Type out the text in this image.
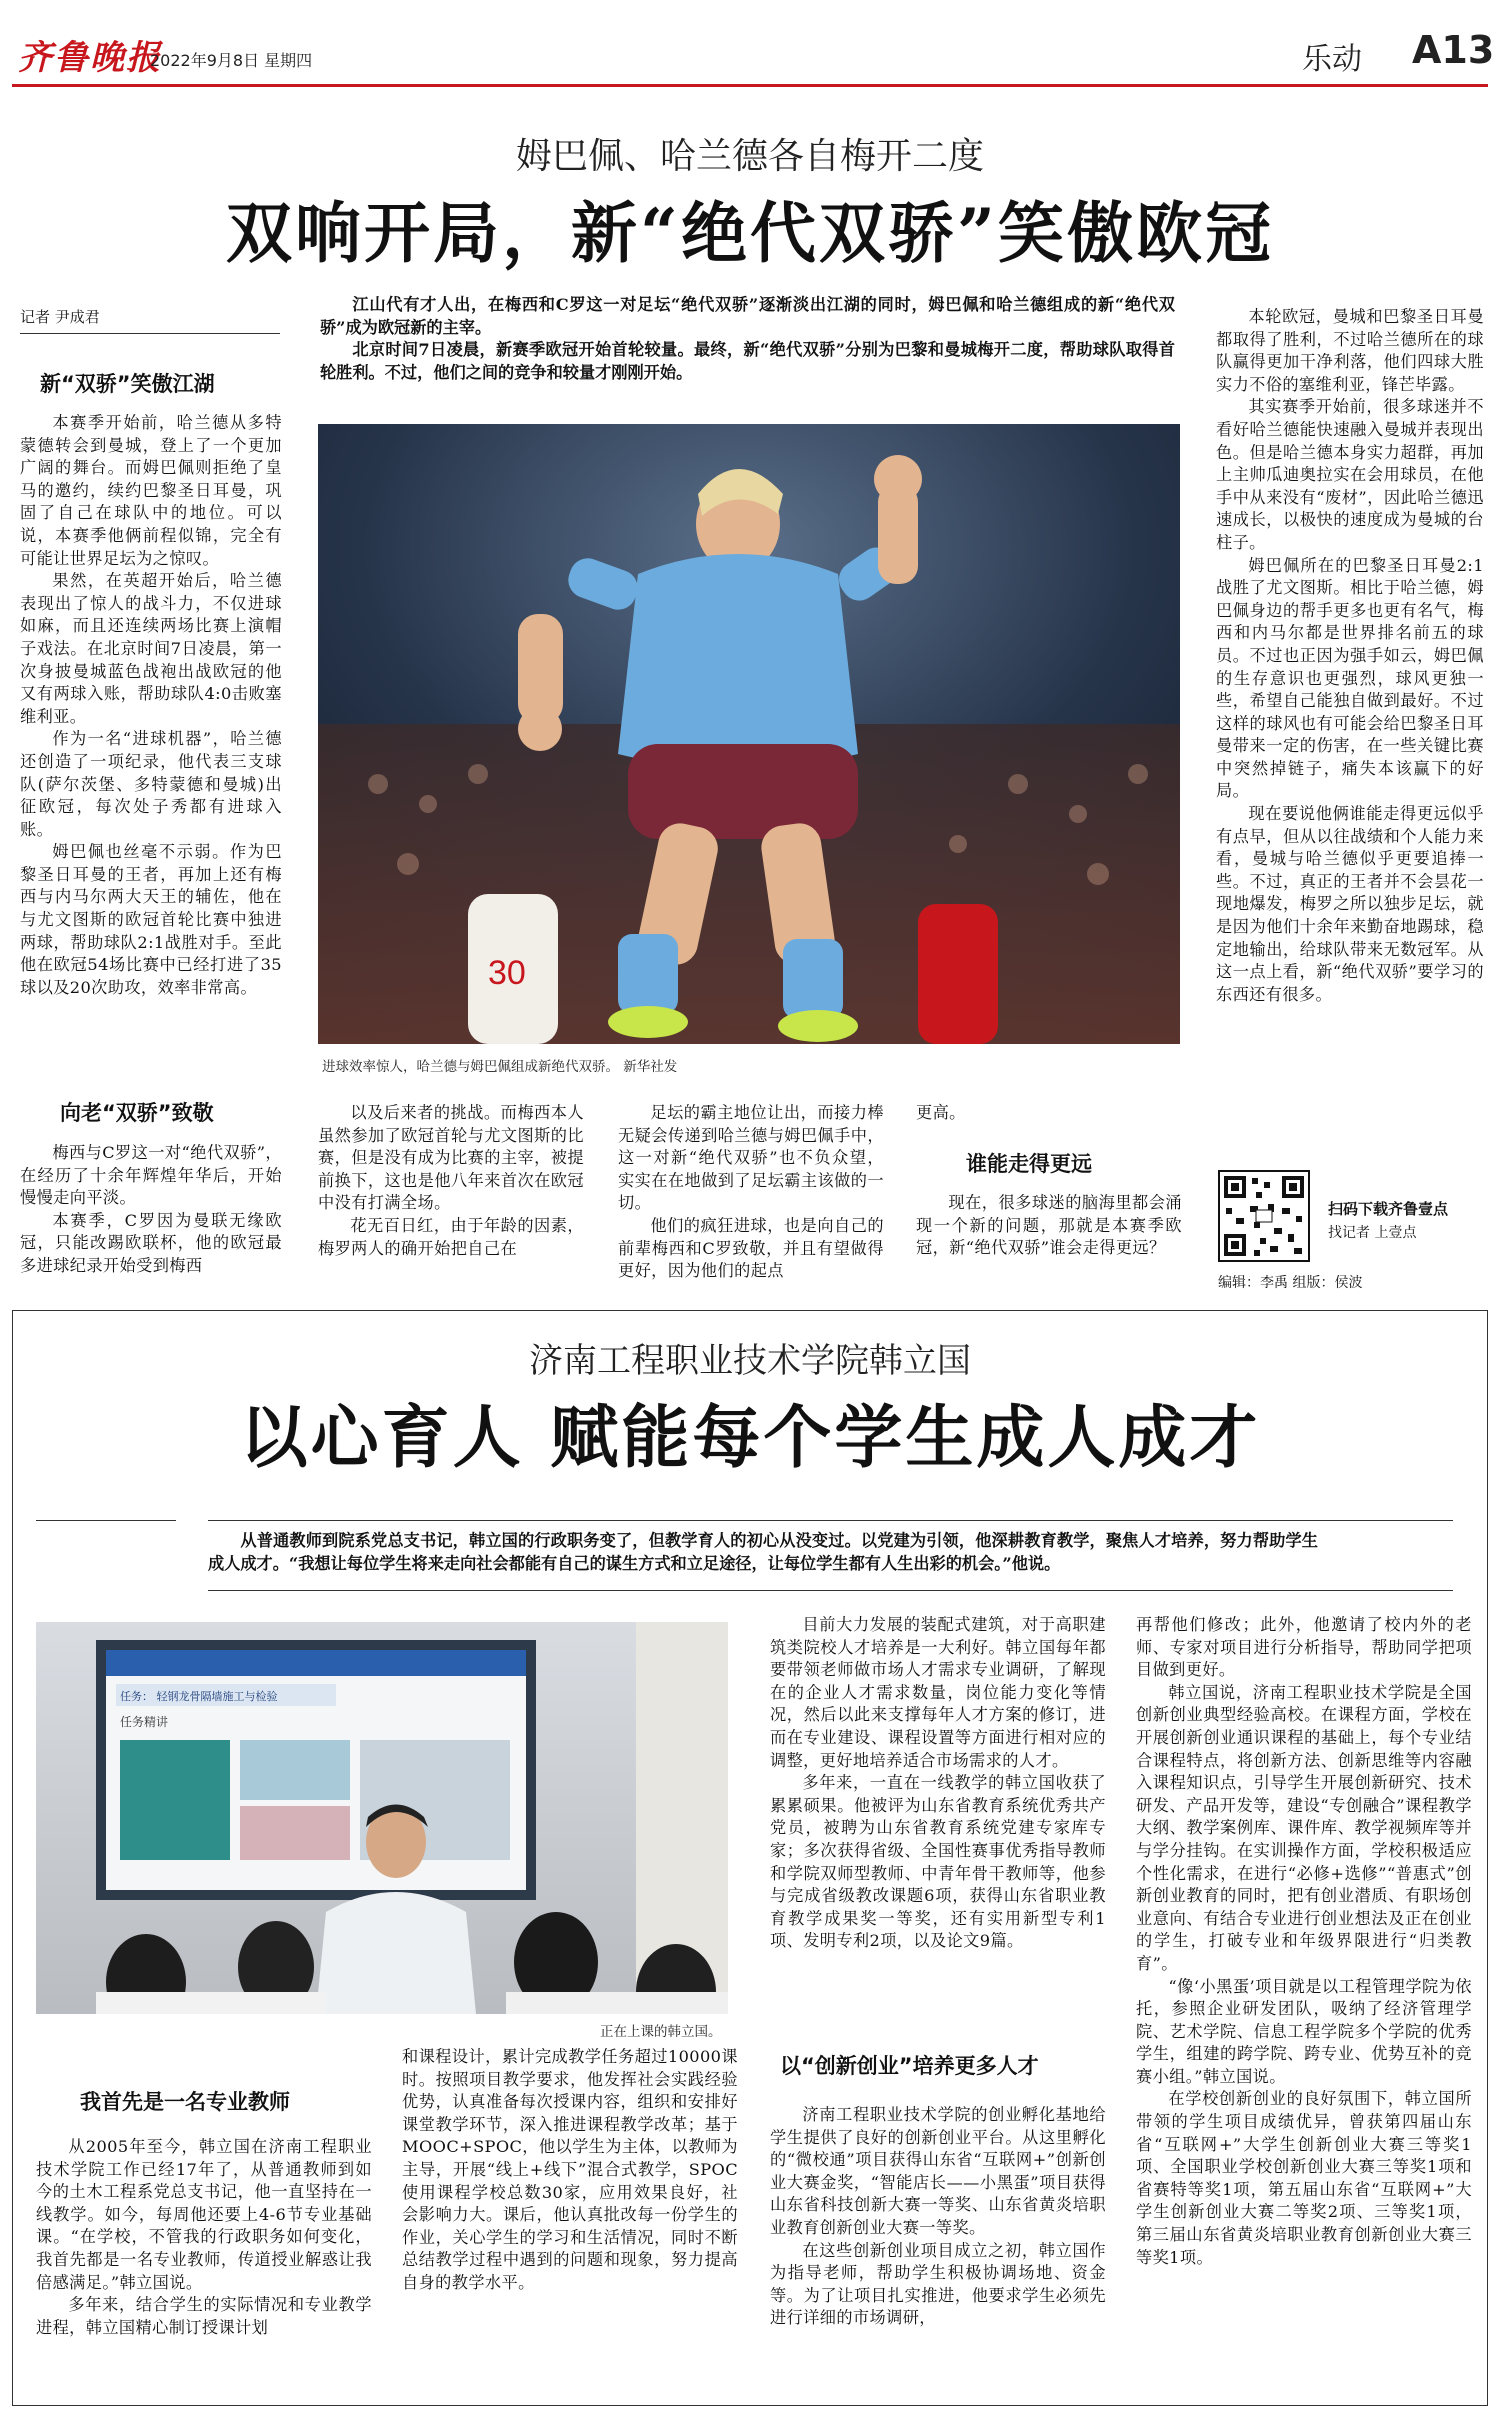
齐鲁晚报
2022年9月8日 星期四	乐动 A13
姆巴佩、哈兰德各自梅开二度
双响开局，新“绝代双骄”笑傲欧冠
记者 尹成君

江山代有才人出，在梅西和C罗这一对足坛“绝代双骄”逐渐淡出江湖的同时，姆巴佩和哈兰德组成的新“绝代双骄”成为欧冠新的主宰。

北京时间7日凌晨，新赛季欧冠开始首轮较量。最终，新“绝代双骄”分别为巴黎和曼城梅开二度，帮助球队取得首轮胜利。不过，他们之间的竞争和较量才刚刚开始。

新“双骄”笑傲江湖

本赛季开始前，哈兰德从多特蒙德转会到曼城，登上了一个更加广阔的舞台。而姆巴佩则拒绝了皇马的邀约，续约巴黎圣日耳曼，巩固了自己在球队中的地位。可以说，本赛季他俩前程似锦，完全有可能让世界足坛为之惊叹。

果然，在英超开始后，哈兰德表现出了惊人的战斗力，不仅进球如麻，而且还连续两场比赛上演帽子戏法。在北京时间7日凌晨，第一次身披曼城蓝色战袍出战欧冠的他又有两球入账，帮助球队4:0击败塞维利亚。

作为一名“进球机器”，哈兰德还创造了一项纪录，他代表三支球队(萨尔茨堡、多特蒙德和曼城)出征欧冠，每次处子秀都有进球入账。

姆巴佩也丝毫不示弱。作为巴黎圣日耳曼的王者，再加上还有梅西与内马尔两大天王的辅佐，他在与尤文图斯的欧冠首轮比赛中独进两球，帮助球队2:1战胜对手。至此他在欧冠54场比赛中已经打进了35球以及20次助攻，效率非常高。

向老“双骄”致敬

梅西与C罗这一对“绝代双骄”，在经历了十余年辉煌年华后，开始慢慢走向平淡。

本赛季，C罗因为曼联无缘欧冠，只能改踢欧联杯，他的欧冠最多进球纪录开始受到梅西

30
进球效率惊人，哈兰德与姆巴佩组成新绝代双骄。 新华社发

以及后来者的挑战。而梅西本人虽然参加了欧冠首轮与尤文图斯的比赛，但是没有成为比赛的主宰，被提前换下，这也是他八年来首次在欧冠中没有打满全场。

花无百日红，由于年龄的因素，梅罗两人的确开始把自己在

足坛的霸主地位让出，而接力棒无疑会传递到哈兰德与姆巴佩手中，这一对新“绝代双骄”也不负众望，实实在在地做到了足坛霸主该做的一切。

他们的疯狂进球，也是向自己的前辈梅西和C罗致敬，并且有望做得更好，因为他们的起点

更高。

谁能走得更远

现在，很多球迷的脑海里都会涌现一个新的问题，那就是本赛季欧冠，新“绝代双骄”谁会走得更远？

本轮欧冠，曼城和巴黎圣日耳曼都取得了胜利，不过哈兰德所在的球队赢得更加干净利落，他们四球大胜实力不俗的塞维利亚，锋芒毕露。

其实赛季开始前，很多球迷并不看好哈兰德能快速融入曼城并表现出色。但是哈兰德本身实力超群，再加上主帅瓜迪奥拉实在会用球员，在他手中从来没有“废材”，因此哈兰德迅速成长，以极快的速度成为曼城的台柱子。

姆巴佩所在的巴黎圣日耳曼2:1战胜了尤文图斯。相比于哈兰德，姆巴佩身边的帮手更多也更有名气，梅西和内马尔都是世界排名前五的球员。不过也正因为强手如云，姆巴佩的生存意识也更强烈，球风更独一些，希望自己能独自做到最好。不过这样的球风也有可能会给巴黎圣日耳曼带来一定的伤害，在一些关键比赛中突然掉链子，痛失本该赢下的好局。

现在要说他俩谁能走得更远似乎有点早，但从以往战绩和个人能力来看，曼城与哈兰德似乎更要追捧一些。不过，真正的王者并不会昙花一现地爆发，梅罗之所以独步足坛，就是因为他们十余年来勤奋地踢球，稳定地输出，给球队带来无数冠军。从这一点上看，新“绝代双骄”要学习的东西还有很多。

扫码下载齐鲁壹点
找记者 上壹点
编辑：李禹 组版：侯波
济南工程职业技术学院韩立国
以心育人 赋能每个学生成人成才
从普通教师到院系党总支书记，韩立国的行政职务变了，但教学育人的初心从没变过。以党建为引领，他深耕教育教学，聚焦人才培养，努力帮助学生成人成才。“我想让每位学生将来走向社会都能有自己的谋生方式和立足途径，让每位学生都有人生出彩的机会。”他说。
任务： 轻钢龙骨隔墙施工与检验
任务精讲
正在上课的韩立国。
我首先是一名专业教师

从2005年至今，韩立国在济南工程职业技术学院工作已经17年了，从普通教师到如今的土木工程系党总支书记，他一直坚持在一线教学。如今，每周他还要上4-6节专业基础课。“在学校，不管我的行政职务如何变化，我首先都是一名专业教师，传道授业解惑让我倍感满足。”韩立国说。

多年来，结合学生的实际情况和专业教学进程，韩立国精心制订授课计划

和课程设计，累计完成教学任务超过10000课时。按照项目教学要求，他发挥社会实践经验优势，认真准备每次授课内容，组织和安排好课堂教学环节，深入推进课程教学改革；基于MOOC+SPOC，他以学生为主体，以教师为主导，开展“线上+线下”混合式教学，SPOC使用课程学校总数30家，应用效果良好，社会影响力大。课后，他认真批改每一份学生的作业，关心学生的学习和生活情况，同时不断总结教学过程中遇到的问题和现象，努力提高自身的教学水平。

目前大力发展的装配式建筑，对于高职建筑类院校人才培养是一大利好。韩立国每年都要带领老师做市场人才需求专业调研，了解现在的企业人才需求数量，岗位能力变化等情况，然后以此来支撑每年人才方案的修订，进而在专业建设、课程设置等方面进行相对应的调整，更好地培养适合市场需求的人才。

多年来，一直在一线教学的韩立国收获了累累硕果。他被评为山东省教育系统优秀共产党员，被聘为山东省教育系统党建专家库专家；多次获得省级、全国性赛事优秀指导教师和学院双师型教师、中青年骨干教师等，他参与完成省级教改课题6项，获得山东省职业教育教学成果奖一等奖，还有实用新型专利1项、发明专利2项，以及论文9篇。

以“创新创业”培养更多人才

济南工程职业技术学院的创业孵化基地给学生提供了良好的创新创业平台。从这里孵化的“微校通”项目获得山东省“互联网+”创新创业大赛金奖，“智能店长——小黑蛋”项目获得山东省科技创新大赛一等奖、山东省黄炎培职业教育创新创业大赛一等奖。

在这些创新创业项目成立之初，韩立国作为指导老师，帮助学生积极协调场地、资金等。为了让项目扎实推进，他要求学生必须先进行详细的市场调研，

再帮他们修改；此外，他邀请了校内外的老师、专家对项目进行分析指导，帮助同学把项目做到更好。

韩立国说，济南工程职业技术学院是全国创新创业典型经验高校。在课程方面，学校在开展创新创业通识课程的基础上，每个专业结合课程特点，将创新方法、创新思维等内容融入课程知识点，引导学生开展创新研究、技术研发、产品开发等，建设“专创融合”课程教学大纲、教学案例库、课件库、教学视频库等并与学分挂钩。在实训操作方面，学校积极适应个性化需求，在进行“必修+选修”“普惠式”创新创业教育的同时，把有创业潜质、有职场创业意向、有结合专业进行创业想法及正在创业的学生，打破专业和年级界限进行“归类教育”。

“像‘小黑蛋’项目就是以工程管理学院为依托，参照企业研发团队，吸纳了经济管理学院、艺术学院、信息工程学院多个学院的优秀学生，组建的跨学院、跨专业、优势互补的竞赛小组。”韩立国说。

在学校创新创业的良好氛围下，韩立国所带领的学生项目成绩优异，曾获第四届山东省“互联网+”大学生创新创业大赛三等奖1项、全国职业学校创新创业大赛三等奖1项和省赛特等奖1项，第五届山东省“互联网+”大学生创新创业大赛二等奖2项、三等奖1项，第三届山东省黄炎培职业教育创新创业大赛三等奖1项。
